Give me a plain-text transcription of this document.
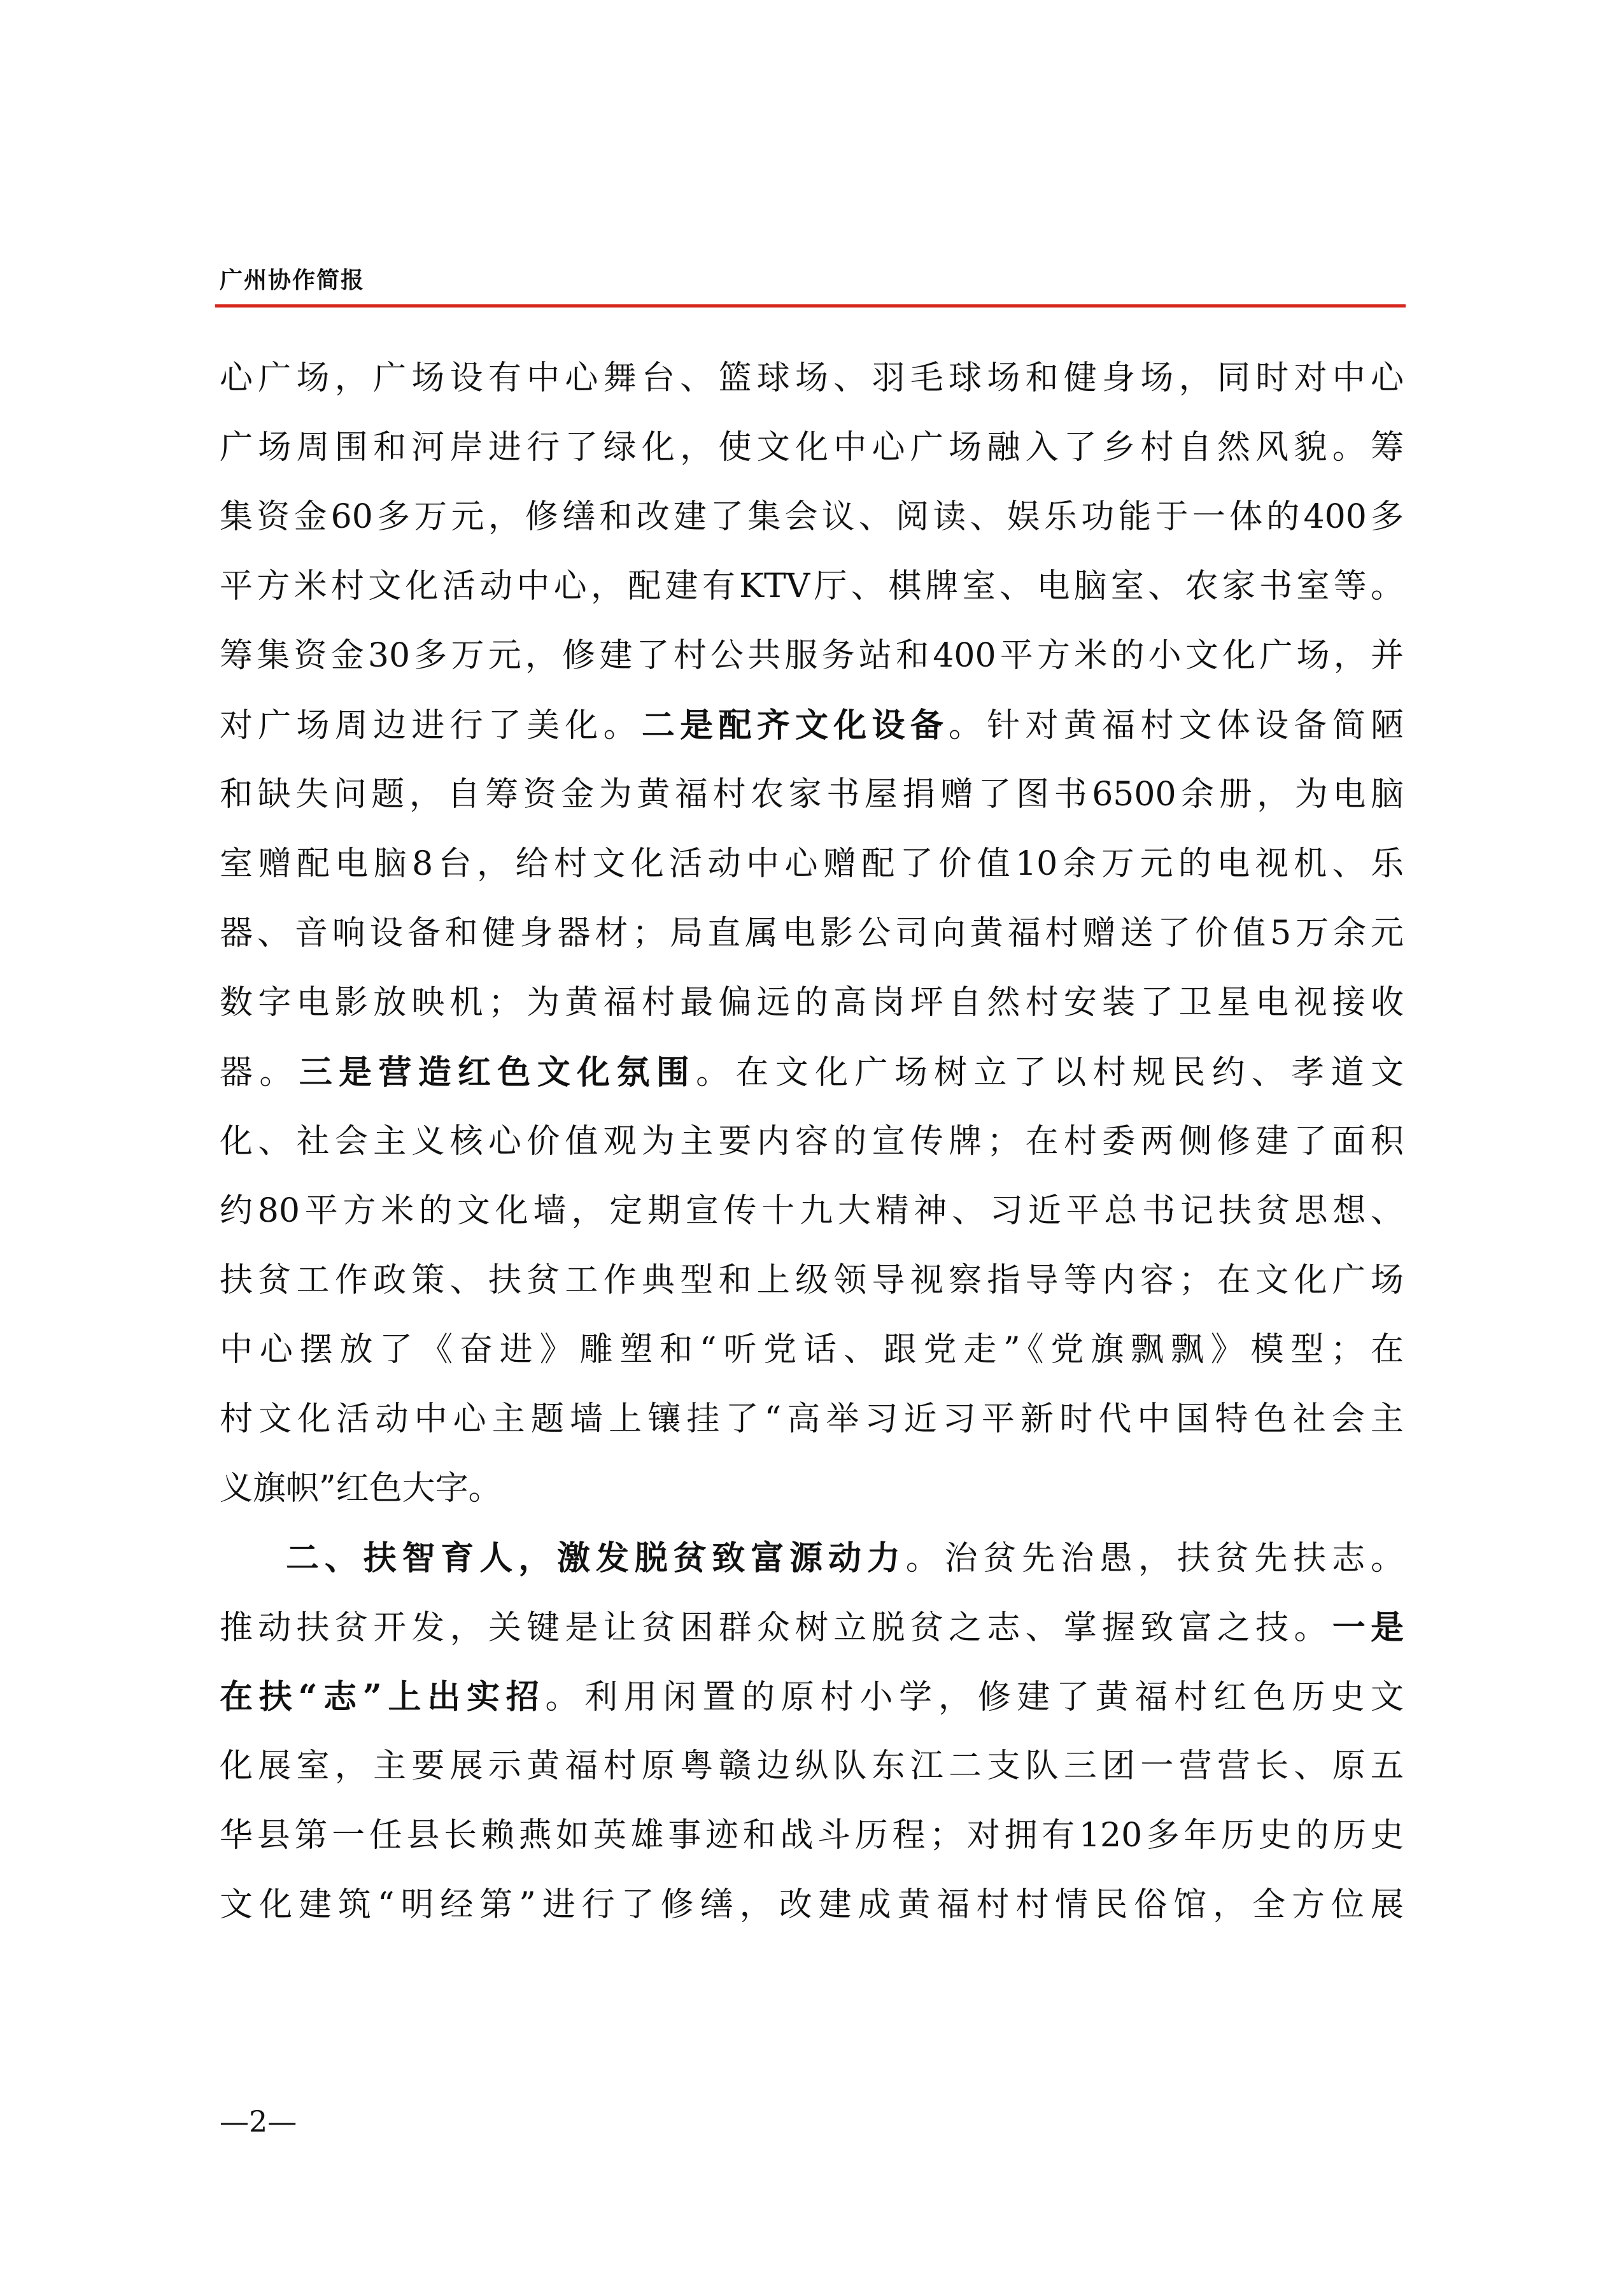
广州协作简报
心广场，广场设有中心舞台、篮球场、羽毛球场和健身场，同时对中心
广场周围和河岸进行了绿化，使文化中心广场融入了乡村自然风貌。筹
集资金60多万元，修缮和改建了集会议、阅读、娱乐功能于一体的400多
平方米村文化活动中心，配建有KTV厅、棋牌室、电脑室、农家书室等。
筹集资金30多万元，修建了村公共服务站和400平方米的小文化广场，并
对广场周边进行了美化。二是配齐文化设备。针对黄福村文体设备简陋
和缺失问题，自筹资金为黄福村农家书屋捐赠了图书6500余册，为电脑
室赠配电脑8台，给村文化活动中心赠配了价值10余万元的电视机、乐
器、音响设备和健身器材；局直属电影公司向黄福村赠送了价值5万余元
数字电影放映机；为黄福村最偏远的高岗坪自然村安装了卫星电视接收
器。三是营造红色文化氛围。在文化广场树立了以村规民约、孝道文
化、社会主义核心价值观为主要内容的宣传牌；在村委两侧修建了面积
约80平方米的文化墙，定期宣传十九大精神、习近平总书记扶贫思想、
扶贫工作政策、扶贫工作典型和上级领导视察指导等内容；在文化广场
中心摆放了《奋进》雕塑和“听党话、跟党走”《党旗飘飘》模型；在
村文化活动中心主题墙上镶挂了“高举习近习平新时代中国特色社会主
义旗帜”红色大字。
二、扶智育人，激发脱贫致富源动力。治贫先治愚，扶贫先扶志。
推动扶贫开发，关键是让贫困群众树立脱贫之志、掌握致富之技。一是
在扶“志”上出实招。利用闲置的原村小学，修建了黄福村红色历史文
化展室，主要展示黄福村原粤赣边纵队东江二支队三团一营营长、原五
华县第一任县长赖燕如英雄事迹和战斗历程；对拥有120多年历史的历史
文化建筑“明经第”进行了修缮，改建成黄福村村情民俗馆，全方位展
—2—
